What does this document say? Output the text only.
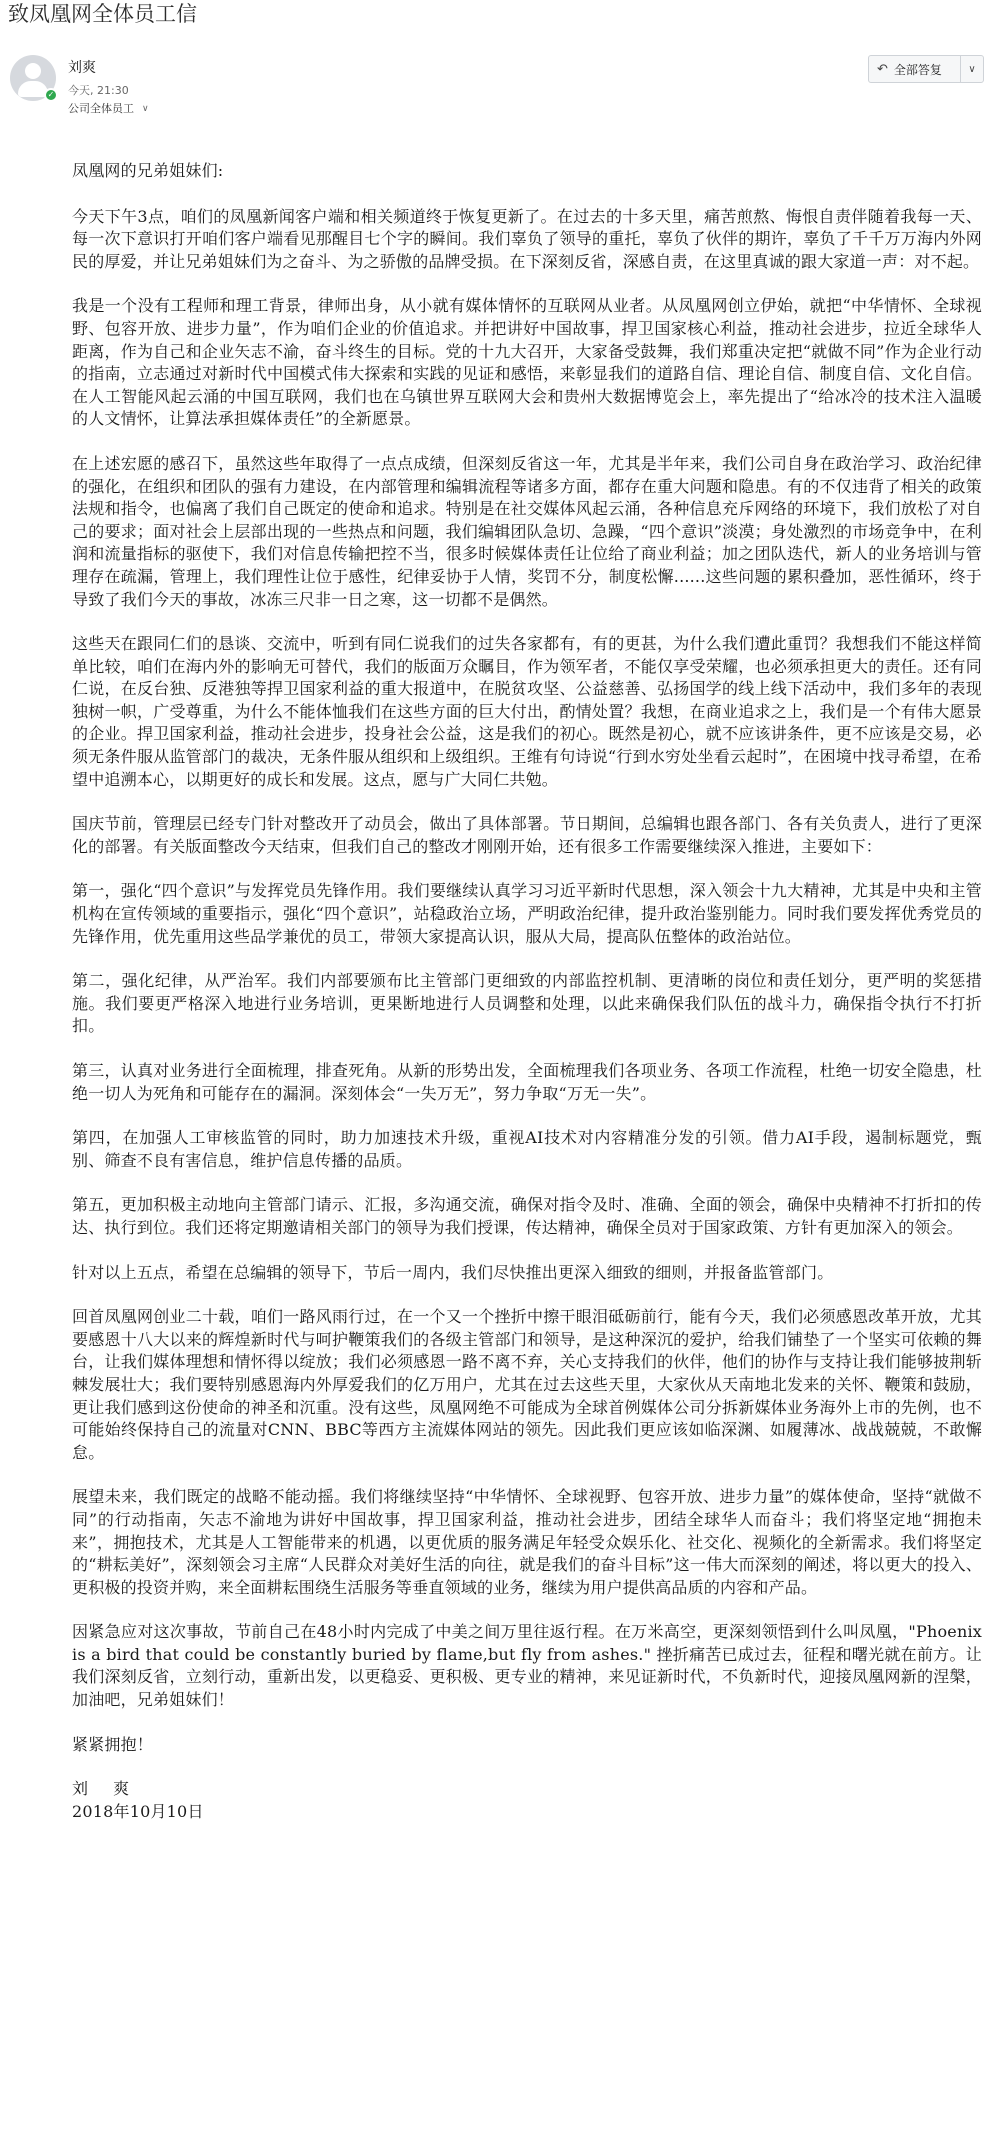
致凤凰网全体员工信
✓
刘爽
今天, 21:30
公司全体员工 ∨
↶ 全部答复	∨

凤凰网的兄弟姐妹们:

今天下午3点，咱们的凤凰新闻客户端和相关频道终于恢复更新了。在过去的十多天里，痛苦煎熬、悔恨自责伴随着我每一天、每一次下意识打开咱们客户端看见那醒目七个字的瞬间。我们辜负了领导的重托，辜负了伙伴的期许，辜负了千千万万海内外网民的厚爱，并让兄弟姐妹们为之奋斗、为之骄傲的品牌受损。在下深刻反省，深感自责，在这里真诚的跟大家道一声：对不起。

我是一个没有工程师和理工背景，律师出身，从小就有媒体情怀的互联网从业者。从凤凰网创立伊始，就把“中华情怀、全球视野、包容开放、进步力量”，作为咱们企业的价值追求。并把讲好中国故事，捍卫国家核心利益，推动社会进步，拉近全球华人距离，作为自己和企业矢志不渝，奋斗终生的目标。党的十九大召开，大家备受鼓舞，我们郑重决定把“就做不同”作为企业行动的指南，立志通过对新时代中国模式伟大探索和实践的见证和感悟，来彰显我们的道路自信、理论自信、制度自信、文化自信。在人工智能风起云涌的中国互联网，我们也在乌镇世界互联网大会和贵州大数据博览会上，率先提出了“给冰冷的技术注入温暖的人文情怀，让算法承担媒体责任”的全新愿景。

在上述宏愿的感召下，虽然这些年取得了一点点成绩，但深刻反省这一年，尤其是半年来，我们公司自身在政治学习、政治纪律的强化，在组织和团队的强有力建设，在内部管理和编辑流程等诸多方面，都存在重大问题和隐患。有的不仅违背了相关的政策法规和指令，也偏离了我们自己既定的使命和追求。特别是在社交媒体风起云涌，各种信息充斥网络的环境下，我们放松了对自己的要求；面对社会上层部出现的一些热点和问题，我们编辑团队急切、急躁，“四个意识”淡漠；身处激烈的市场竞争中，在利润和流量指标的驱使下，我们对信息传输把控不当，很多时候媒体责任让位给了商业利益；加之团队迭代，新人的业务培训与管理存在疏漏，管理上，我们理性让位于感性，纪律妥协于人情，奖罚不分，制度松懈......这些问题的累积叠加，恶性循环，终于导致了我们今天的事故，冰冻三尺非一日之寒，这一切都不是偶然。

这些天在跟同仁们的恳谈、交流中，听到有同仁说我们的过失各家都有，有的更甚，为什么我们遭此重罚？我想我们不能这样简单比较，咱们在海内外的影响无可替代，我们的版面万众瞩目，作为领军者，不能仅享受荣耀，也必须承担更大的责任。还有同仁说，在反台独、反港独等捍卫国家利益的重大报道中，在脱贫攻坚、公益慈善、弘扬国学的线上线下活动中，我们多年的表现独树一帜，广受尊重，为什么不能体恤我们在这些方面的巨大付出，酌情处置？我想，在商业追求之上，我们是一个有伟大愿景的企业。捍卫国家利益，推动社会进步，投身社会公益，这是我们的初心。既然是初心，就不应该讲条件，更不应该是交易，必须无条件服从监管部门的裁决，无条件服从组织和上级组织。王维有句诗说“行到水穷处坐看云起时”，在困境中找寻希望，在希望中追溯本心，以期更好的成长和发展。这点，愿与广大同仁共勉。

国庆节前，管理层已经专门针对整改开了动员会，做出了具体部署。节日期间，总编辑也跟各部门、各有关负责人，进行了更深化的部署。有关版面整改今天结束，但我们自己的整改才刚刚开始，还有很多工作需要继续深入推进，主要如下：

第一，强化“四个意识”与发挥党员先锋作用。我们要继续认真学习习近平新时代思想，深入领会十九大精神，尤其是中央和主管机构在宣传领域的重要指示，强化“四个意识”，站稳政治立场，严明政治纪律，提升政治鉴别能力。同时我们要发挥优秀党员的先锋作用，优先重用这些品学兼优的员工，带领大家提高认识，服从大局，提高队伍整体的政治站位。

第二，强化纪律，从严治军。我们内部要颁布比主管部门更细致的内部监控机制、更清晰的岗位和责任划分，更严明的奖惩措施。我们要更严格深入地进行业务培训，更果断地进行人员调整和处理，以此来确保我们队伍的战斗力，确保指令执行不打折扣。

第三，认真对业务进行全面梳理，排查死角。从新的形势出发，全面梳理我们各项业务、各项工作流程，杜绝一切安全隐患，杜绝一切人为死角和可能存在的漏洞。深刻体会“一失万无”，努力争取“万无一失”。

第四，在加强人工审核监管的同时，助力加速技术升级，重视AI技术对内容精准分发的引领。借力AI手段，遏制标题党，甄别、筛查不良有害信息，维护信息传播的品质。

第五，更加积极主动地向主管部门请示、汇报，多沟通交流，确保对指令及时、准确、全面的领会，确保中央精神不打折扣的传达、执行到位。我们还将定期邀请相关部门的领导为我们授课，传达精神，确保全员对于国家政策、方针有更加深入的领会。

针对以上五点，希望在总编辑的领导下，节后一周内，我们尽快推出更深入细致的细则，并报备监管部门。

回首凤凰网创业二十载，咱们一路风雨行过，在一个又一个挫折中擦干眼泪砥砺前行，能有今天，我们必须感恩改革开放，尤其要感恩十八大以来的辉煌新时代与呵护鞭策我们的各级主管部门和领导，是这种深沉的爱护，给我们铺垫了一个坚实可依赖的舞台，让我们媒体理想和情怀得以绽放；我们必须感恩一路不离不弃，关心支持我们的伙伴，他们的协作与支持让我们能够披荆斩棘发展壮大；我们要特别感恩海内外厚爱我们的亿万用户，尤其在过去这些天里，大家伙从天南地北发来的关怀、鞭策和鼓励，更让我们感到这份使命的神圣和沉重。没有这些，凤凰网绝不可能成为全球首例媒体公司分拆新媒体业务海外上市的先例，也不可能始终保持自己的流量对CNN、BBC等西方主流媒体网站的领先。因此我们更应该如临深渊、如履薄冰、战战兢兢，不敢懈怠。

展望未来，我们既定的战略不能动摇。我们将继续坚持“中华情怀、全球视野、包容开放、进步力量”的媒体使命，坚持“就做不同”的行动指南，矢志不渝地为讲好中国故事，捍卫国家利益，推动社会进步，团结全球华人而奋斗；我们将坚定地“拥抱未来”，拥抱技术，尤其是人工智能带来的机遇，以更优质的服务满足年轻受众娱乐化、社交化、视频化的全新需求。我们将坚定的“耕耘美好”，深刻领会习主席“人民群众对美好生活的向往，就是我们的奋斗目标”这一伟大而深刻的阐述，将以更大的投入、更积极的投资并购，来全面耕耘围绕生活服务等垂直领域的业务，继续为用户提供高品质的内容和产品。

因紧急应对这次事故，节前自己在48小时内完成了中美之间万里往返行程。在万米高空，更深刻领悟到什么叫凤凰，"Phoenix is a bird that could be constantly buried by flame,but fly from ashes." 挫折痛苦已成过去，征程和曙光就在前方。让我们深刻反省，立刻行动，重新出发，以更稳妥、更积极、更专业的精神，来见证新时代，不负新时代，迎接凤凰网新的涅槃，加油吧，兄弟姐妹们！

紧紧拥抱！

刘 爽

2018年10月10日
